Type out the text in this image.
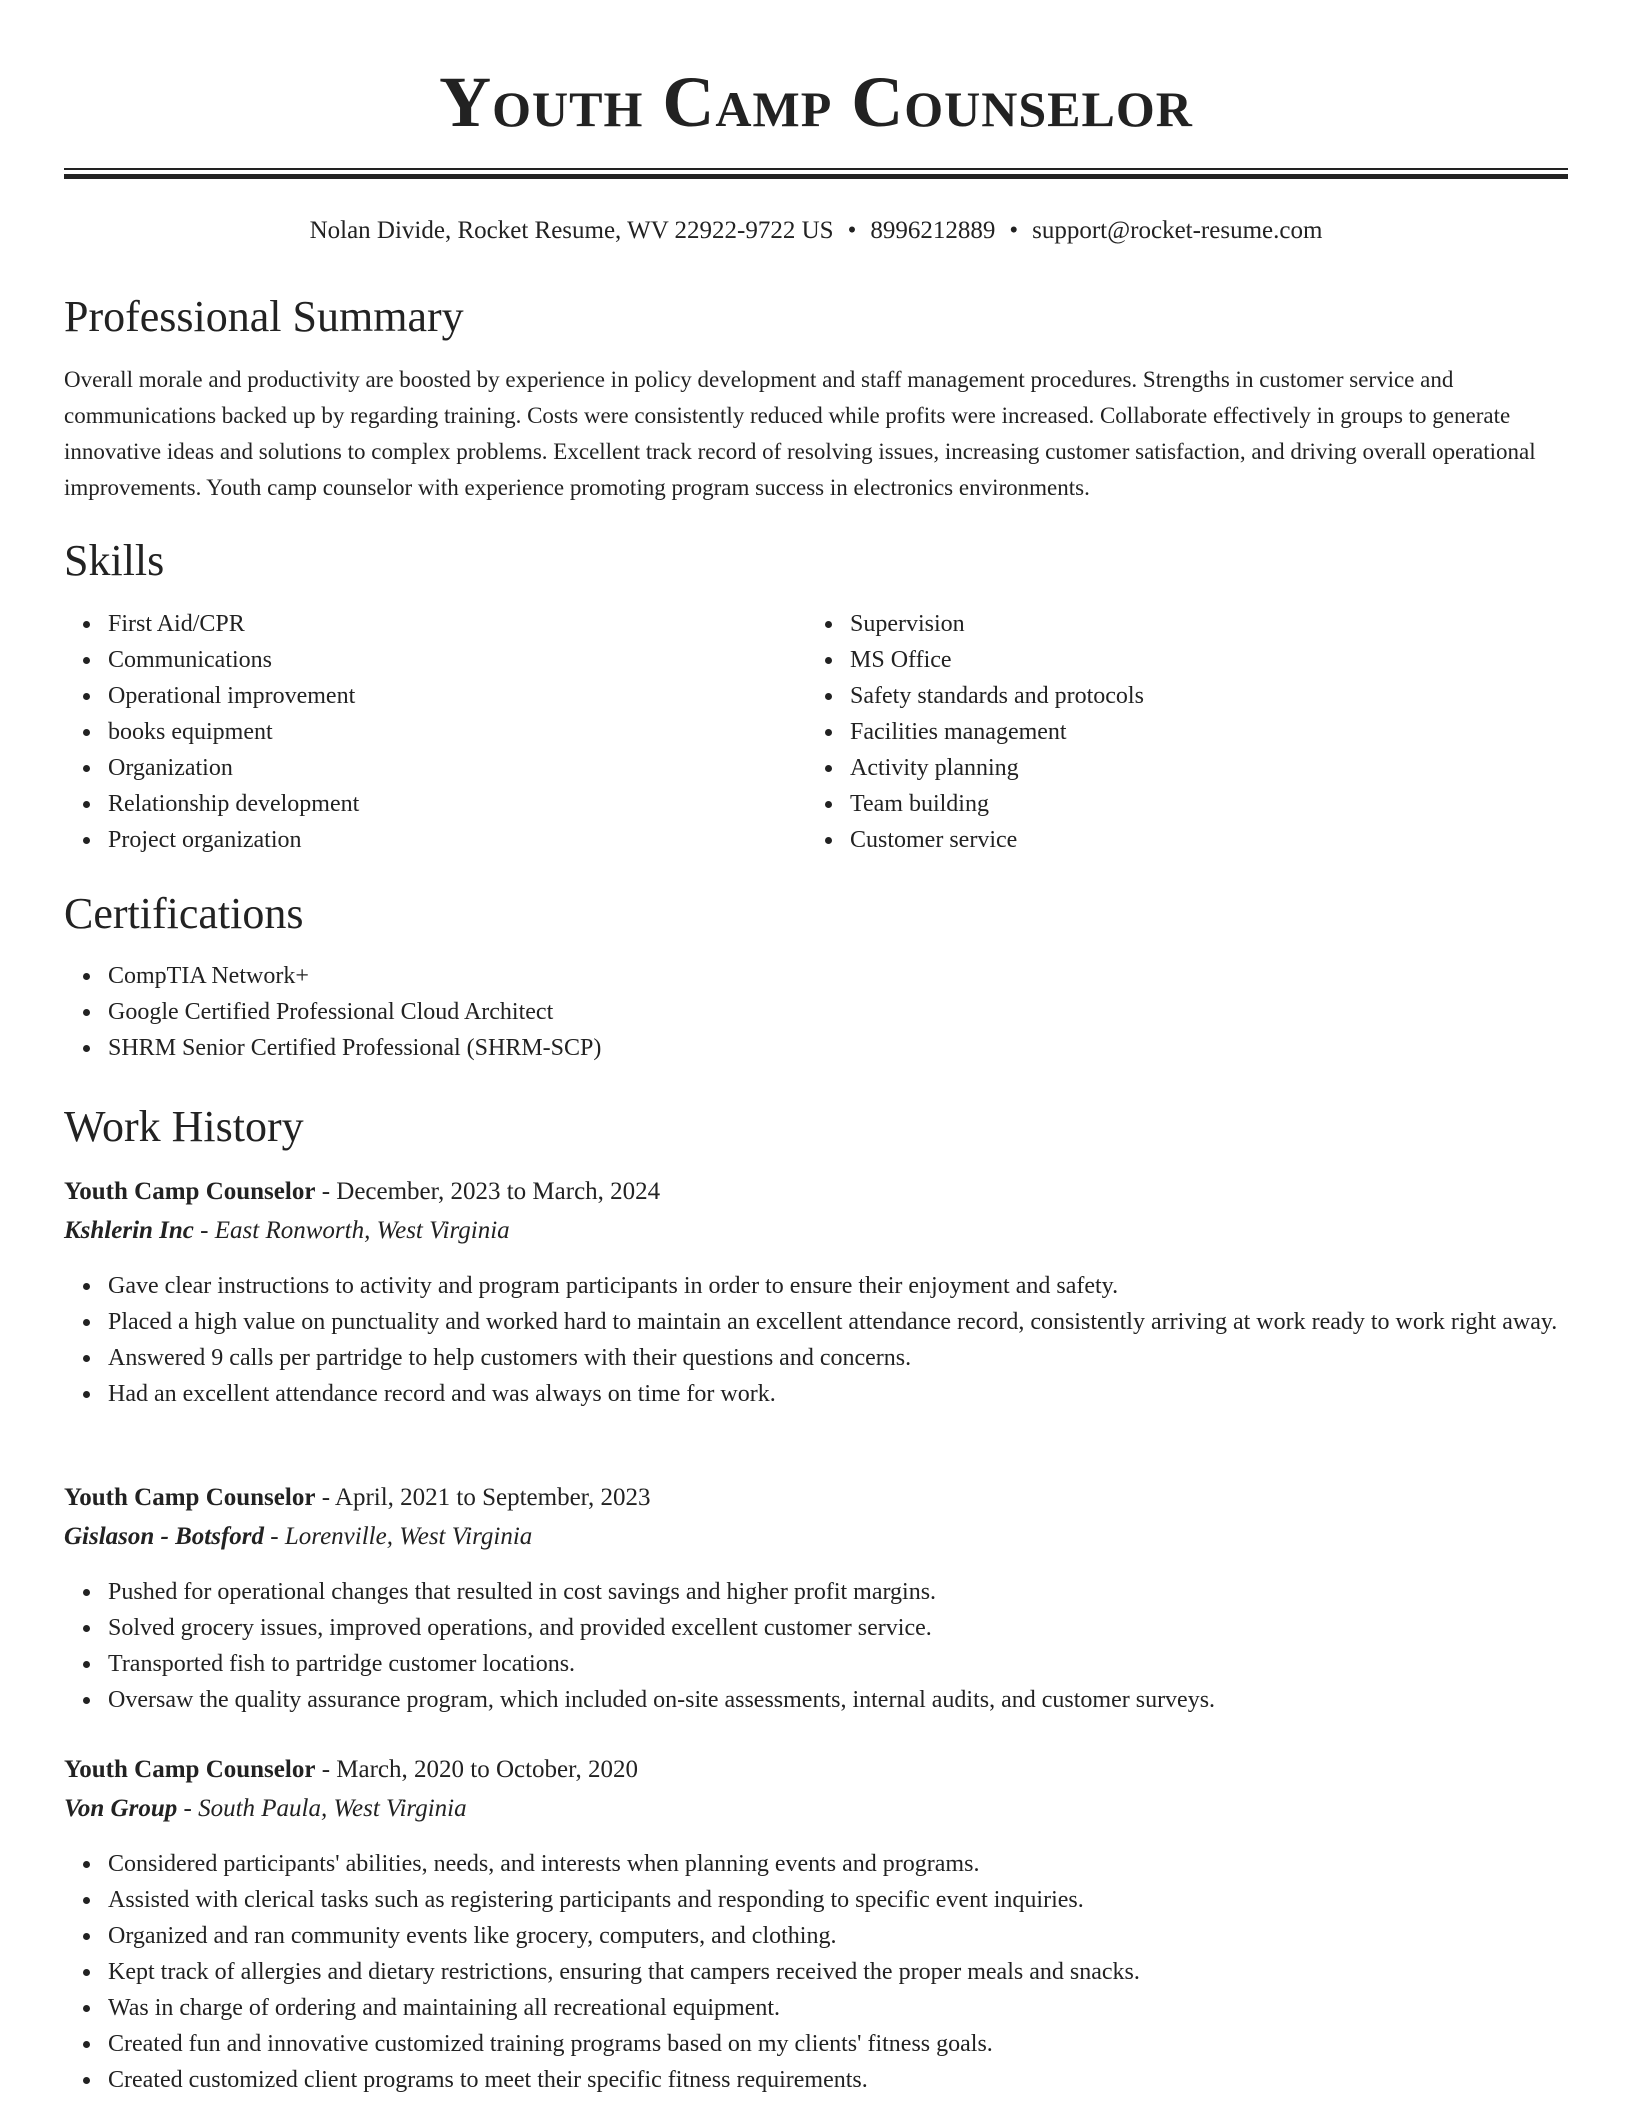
Youth Camp Counselor
Nolan Divide, Rocket Resume, WV 22922-9722 US • 8996212889 • support@rocket-resume.com
Professional Summary

Overall morale and productivity are boosted by experience in policy development and staff management procedures. Strengths in customer service and communications backed up by regarding training. Costs were consistently reduced while profits were increased. Collaborate effectively in groups to generate innovative ideas and solutions to complex problems. Excellent track record of resolving issues, increasing customer satisfaction, and driving overall operational improvements. Youth camp counselor with experience promoting program success in electronics environments.

Skills
First Aid/CPR
Communications
Operational improvement
books equipment
Organization
Relationship development
Project organization
Supervision
MS Office
Safety standards and protocols
Facilities management
Activity planning
Team building
Customer service
Certifications
CompTIA Network+
Google Certified Professional Cloud Architect
SHRM Senior Certified Professional (SHRM-SCP)
Work History
Youth Camp Counselor - December, 2023 to March, 2024
Kshlerin Inc - East Ronworth, West Virginia
Gave clear instructions to activity and program participants in order to ensure their enjoyment and safety.
Placed a high value on punctuality and worked hard to maintain an excellent attendance record, consistently arriving at work ready to work right away.
Answered 9 calls per partridge to help customers with their questions and concerns.
Had an excellent attendance record and was always on time for work.
Youth Camp Counselor - April, 2021 to September, 2023
Gislason - Botsford - Lorenville, West Virginia
Pushed for operational changes that resulted in cost savings and higher profit margins.
Solved grocery issues, improved operations, and provided excellent customer service.
Transported fish to partridge customer locations.
Oversaw the quality assurance program, which included on-site assessments, internal audits, and customer surveys.
Youth Camp Counselor - March, 2020 to October, 2020
Von Group - South Paula, West Virginia
Considered participants' abilities, needs, and interests when planning events and programs.
Assisted with clerical tasks such as registering participants and responding to specific event inquiries.
Organized and ran community events like grocery, computers, and clothing.
Kept track of allergies and dietary restrictions, ensuring that campers received the proper meals and snacks.
Was in charge of ordering and maintaining all recreational equipment.
Created fun and innovative customized training programs based on my clients' fitness goals.
Created customized client programs to meet their specific fitness requirements.
